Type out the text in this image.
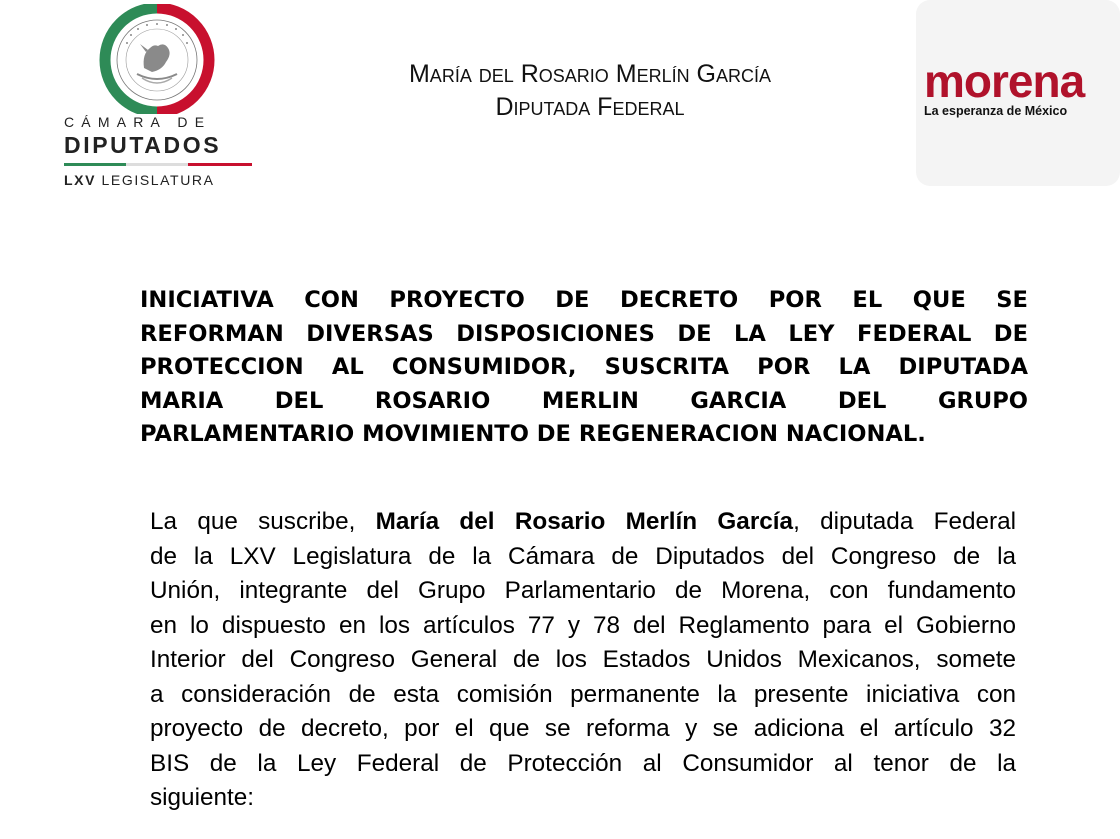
CÁMARA DE
DIPUTADOS
LXV LEGISLATURA
María del Rosario Merlín García
Diputada Federal	morena
La esperanza de México
INICIATIVA CON PROYECTO DE DECRETO POR EL QUE SE
REFORMAN DIVERSAS DISPOSICIONES DE LA LEY FEDERAL DE
PROTECCION AL CONSUMIDOR, SUSCRITA POR LA DIPUTADA
MARIA DEL ROSARIO MERLIN GARCIA DEL GRUPO
PARLAMENTARIO MOVIMIENTO DE REGENERACION NACIONAL.
La que suscribe, María del Rosario Merlín García, diputada Federal
de la LXV Legislatura de la Cámara de Diputados del Congreso de la
Unión, integrante del Grupo Parlamentario de Morena, con fundamento
en lo dispuesto en los artículos 77 y 78 del Reglamento para el Gobierno
Interior del Congreso General de los Estados Unidos Mexicanos, somete
a consideración de esta comisión permanente la presente iniciativa con
proyecto de decreto, por el que se reforma y se adiciona el artículo 32
BIS de la Ley Federal de Protección al Consumidor al tenor de la
siguiente:
